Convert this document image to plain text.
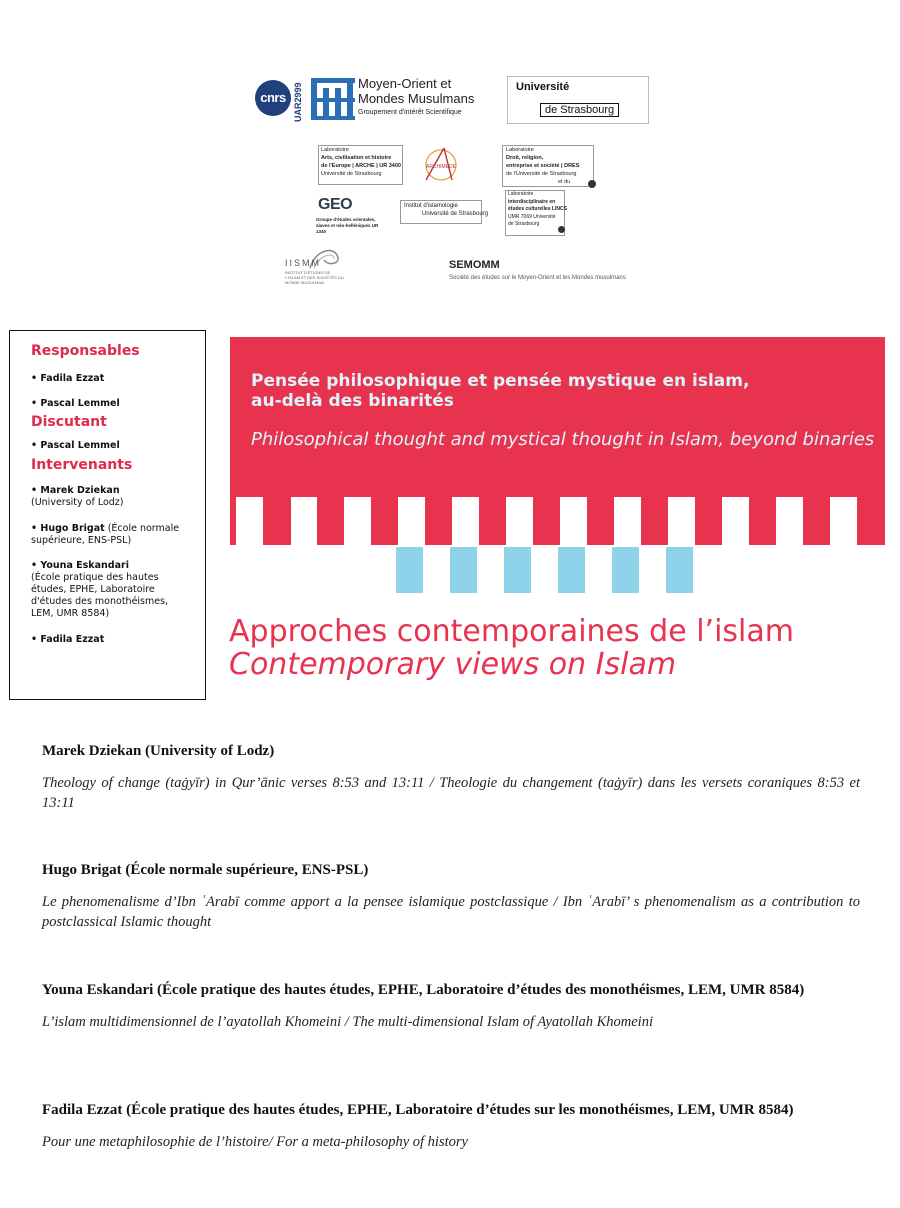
cnrs UAR2999	Moyen-Orient et
Mondes Musulmans
Groupement d'intérêt Scientifique
Université
de Strasbourg
Laboratoire
Arts, civilisation et histoire
de l'Europe | ARCHE | UR 3400
Université de Strasbourg
ARCHIMÈDE
Laboratoire
Droit, religion,
entreprise et société | DRES
de l'Université de Strasbourg
et du
GEO
Groupe d'études orientales, slaves et néo-helléniques UR 1340
Institut d'islamologie
Université de Strasbourg
Laboratoire
interdisciplinaire en
études culturelles LINCS
UMR 7069 Université
de Strasbourg
IISMM
INSTITUT D'ÉTUDES DE L'ISLAM ET DES SOCIÉTÉS DU MONDE MUSULMAN
SEMOMM
Société des études sur le Moyen-Orient et les Mondes musulmans

Responsables

• Fadila Ezzat

• Pascal Lemmel

Discutant

• Pascal Lemmel

Intervenants

• Marek Dziekan

(University of Lodz)

• Hugo Brigat (École normale supérieure, ENS-PSL)

• Youna Eskandari

(École pratique des hautes études, EPHE, Laboratoire d'études des monothéismes, LEM, UMR 8584)

• Fadila Ezzat

Pensée philosophique et pensée mystique en islam,
au-delà des binarités
Philosophical thought and mystical thought in Islam, beyond binaries
Approches contemporaines de l’islam
Contemporary views on Islam

Marek Dziekan (University of Lodz)

Theology of change (taġyīr) in Qur’ānic verses 8:53 and 13:11 / Theologie du changement (taġyīr) dans les versets coraniques 8:53 et 13:11

Hugo Brigat (École normale supérieure, ENS-PSL)

Le phenomenalisme d’Ibn ʿArabī comme apport a la pensee islamique postclassique / Ibn ʿArabī’ s phenomenalism as a contribution to postclassical Islamic thought

Youna Eskandari (École pratique des hautes études, EPHE, Laboratoire d’études des monothéismes, LEM, UMR 8584)

L’islam multidimensionnel de l’ayatollah Khomeini / The multi-dimensional Islam of Ayatollah Khomeini

Fadila Ezzat (École pratique des hautes études, EPHE, Laboratoire d’études sur les monothéismes, LEM, UMR 8584)

Pour une metaphilosophie de l’histoire/ For a meta-philosophy of history
